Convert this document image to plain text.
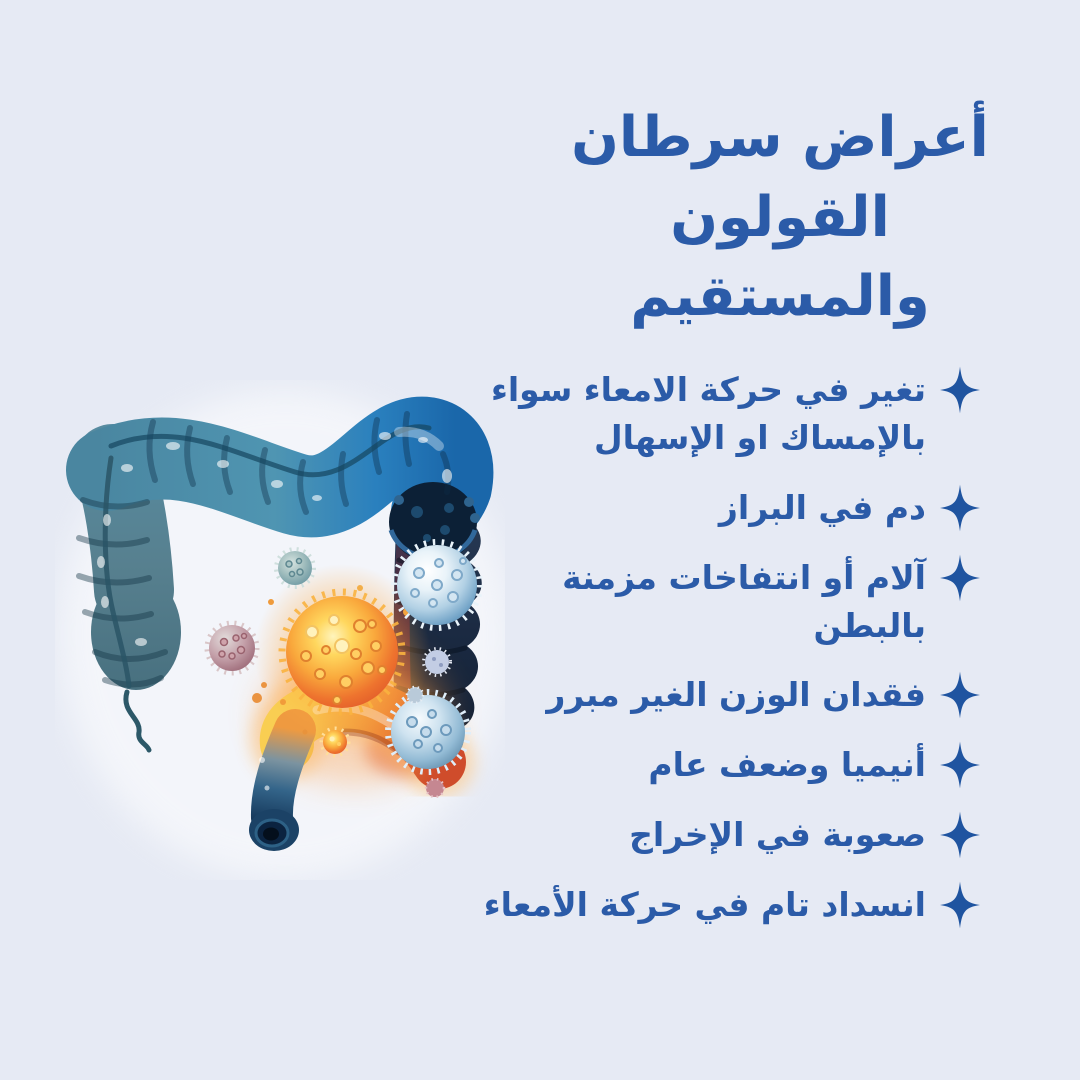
أعراض سرطان
القولون والمستقيم
تغير في حركة الامعاء سواء بالإمساك او الإسهال
دم في البراز
آلام أو انتفاخات مزمنة بالبطن
فقدان الوزن الغير مبرر
أنيميا وضعف عام
صعوبة في الإخراج
انسداد تام في حركة الأمعاء
